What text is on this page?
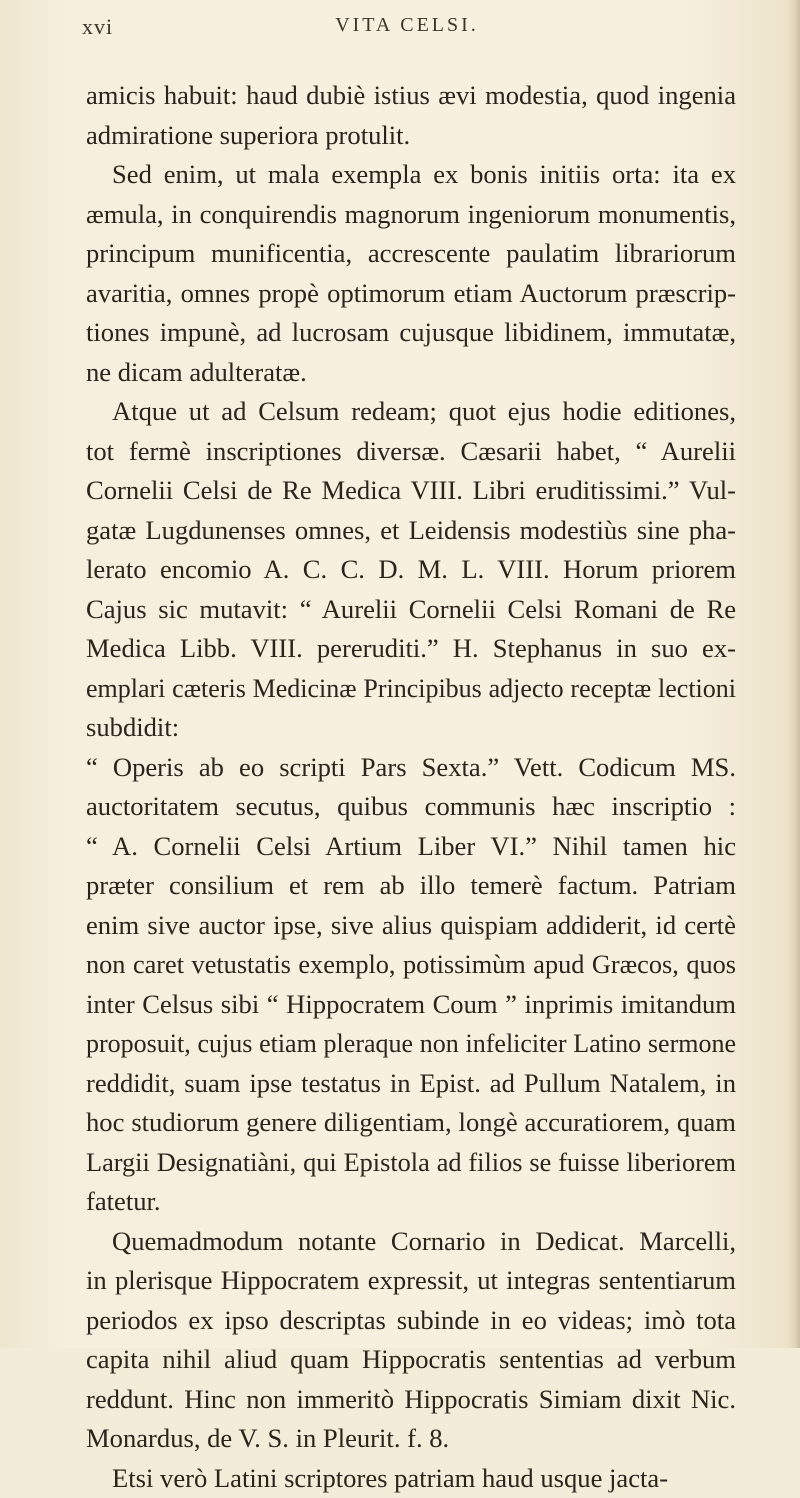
xvi	VITA CELSI.
amicis habuit: haud dubiè istius ævi modestia, quod ingenia
admiratione superiora protulit.
Sed enim, ut mala exempla ex bonis initiis orta: ita ex
æmula, in conquirendis magnorum ingeniorum monumentis,
principum munificentia, accrescente paulatim librariorum
avaritia, omnes propè optimorum etiam Auctorum præscrip-
tiones impunè, ad lucrosam cujusque libidinem, immutatæ,
ne dicam adulteratæ.
Atque ut ad Celsum redeam; quot ejus hodie editiones,
tot fermè inscriptiones diversæ. Cæsarii habet, “ Aurelii
Cornelii Celsi de Re Medica VIII. Libri eruditissimi.” Vul-
gatæ Lugdunenses omnes, et Leidensis modestiùs sine pha-
lerato encomio A. C. C. D. M. L. VIII. Horum priorem
Cajus sic mutavit: “ Aurelii Cornelii Celsi Romani de Re
Medica Libb. VIII. pereruditi.” H. Stephanus in suo ex-
emplari cæteris Medicinæ Principibus adjecto receptæ lectioni
subdidit:
“ Operis ab eo scripti Pars Sexta.” Vett. Codicum MS.
auctoritatem secutus, quibus communis hæc inscriptio :
“ A. Cornelii Celsi Artium Liber VI.” Nihil tamen hic
præter consilium et rem ab illo temerè factum. Patriam
enim sive auctor ipse, sive alius quispiam addiderit, id certè
non caret vetustatis exemplo, potissimùm apud Græcos, quos
inter Celsus sibi “ Hippocratem Coum ” inprimis imitandum
proposuit, cujus etiam pleraque non infeliciter Latino sermone
reddidit, suam ipse testatus in Epist. ad Pullum Natalem, in
hoc studiorum genere diligentiam, longè accuratiorem, quam
Largii Designatiàni, qui Epistola ad filios se fuisse liberiorem
fatetur.
Quemadmodum notante Cornario in Dedicat. Marcelli,
in plerisque Hippocratem expressit, ut integras sententiarum
periodos ex ipso descriptas subinde in eo videas; imò tota
capita nihil aliud quam Hippocratis sententias ad verbum
reddunt. Hinc non immeritò Hippocratis Simiam dixit Nic.
Monardus, de V. S. in Pleurit. f. 8.
Etsi verò Latini scriptores patriam haud usque jacta-
